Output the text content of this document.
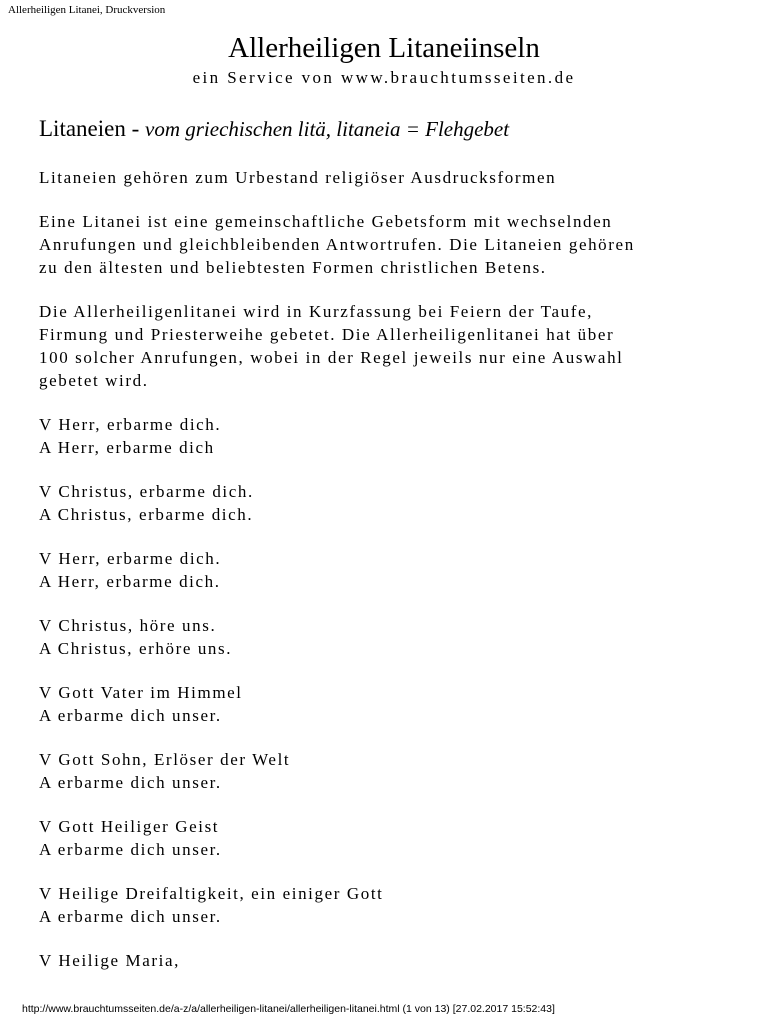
Allerheiligen Litanei, Druckversion
Allerheiligen Litaneiinseln
ein Service von www.brauchtumsseiten.de
Litaneien - vom griechischen litä, litaneia = Flehgebet

Litaneien gehören zum Urbestand religiöser Ausdrucksformen

Eine Litanei ist eine gemeinschaftliche Gebetsform mit wechselnden
Anrufungen und gleichbleibenden Antwortrufen. Die Litaneien gehören
zu den ältesten und beliebtesten Formen christlichen Betens.

Die Allerheiligenlitanei wird in Kurzfassung bei Feiern der Taufe,
Firmung und Priesterweihe gebetet. Die Allerheiligenlitanei hat über
100 solcher Anrufungen, wobei in der Regel jeweils nur eine Auswahl
gebetet wird.

V Herr, erbarme dich.
A Herr, erbarme dich

V Christus, erbarme dich.
A Christus, erbarme dich.

V Herr, erbarme dich.
A Herr, erbarme dich.

V Christus, höre uns.
A Christus, erhöre uns.

V Gott Vater im Himmel
A erbarme dich unser.

V Gott Sohn, Erlöser der Welt
A erbarme dich unser.

V Gott Heiliger Geist
A erbarme dich unser.

V Heilige Dreifaltigkeit, ein einiger Gott
A erbarme dich unser.

V Heilige Maria,

http://www.brauchtumsseiten.de/a-z/a/allerheiligen-litanei/allerheiligen-litanei.html (1 von 13) [27.02.2017 15:52:43]
